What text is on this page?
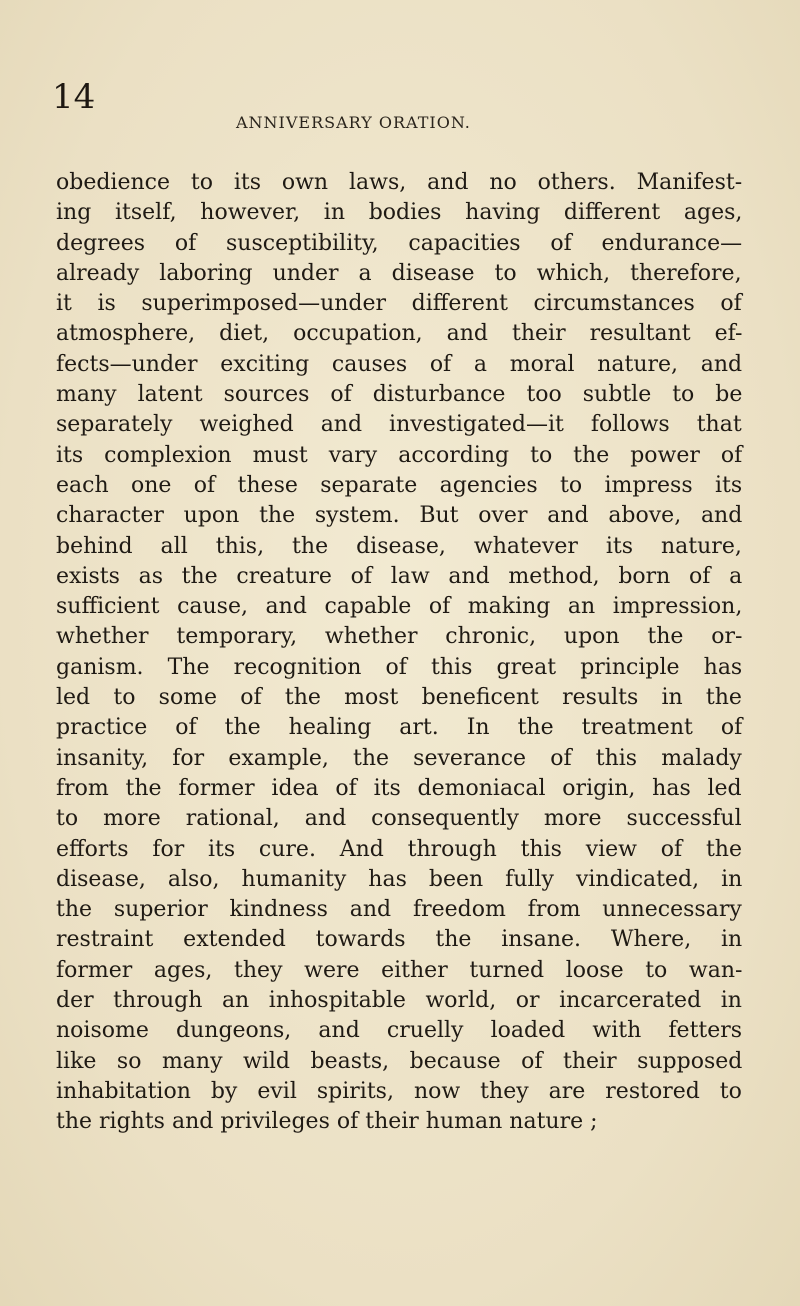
14
ANNIVERSARY ORATION.
obedience to its own laws, and no others. Manifest-
ing itself, however, in bodies having different ages,
degrees of susceptibility, capacities of endurance—
already laboring under a disease to which, therefore,
it is superimposed—under different circumstances of
atmosphere, diet, occupation, and their resultant ef-
fects—under exciting causes of a moral nature, and
many latent sources of disturbance too subtle to be
separately weighed and investigated—it follows that
its complexion must vary according to the power of
each one of these separate agencies to impress its
character upon the system. But over and above, and
behind all this, the disease, whatever its nature,
exists as the creature of law and method, born of a
sufficient cause, and capable of making an impression,
whether temporary, whether chronic, upon the or-
ganism. The recognition of this great principle has
led to some of the most beneficent results in the
practice of the healing art. In the treatment of
insanity, for example, the severance of this malady
from the former idea of its demoniacal origin, has led
to more rational, and consequently more successful
efforts for its cure. And through this view of the
disease, also, humanity has been fully vindicated, in
the superior kindness and freedom from unnecessary
restraint extended towards the insane. Where, in
former ages, they were either turned loose to wan-
der through an inhospitable world, or incarcerated in
noisome dungeons, and cruelly loaded with fetters
like so many wild beasts, because of their supposed
inhabitation by evil spirits, now they are restored to
the rights and privileges of their human nature ;
